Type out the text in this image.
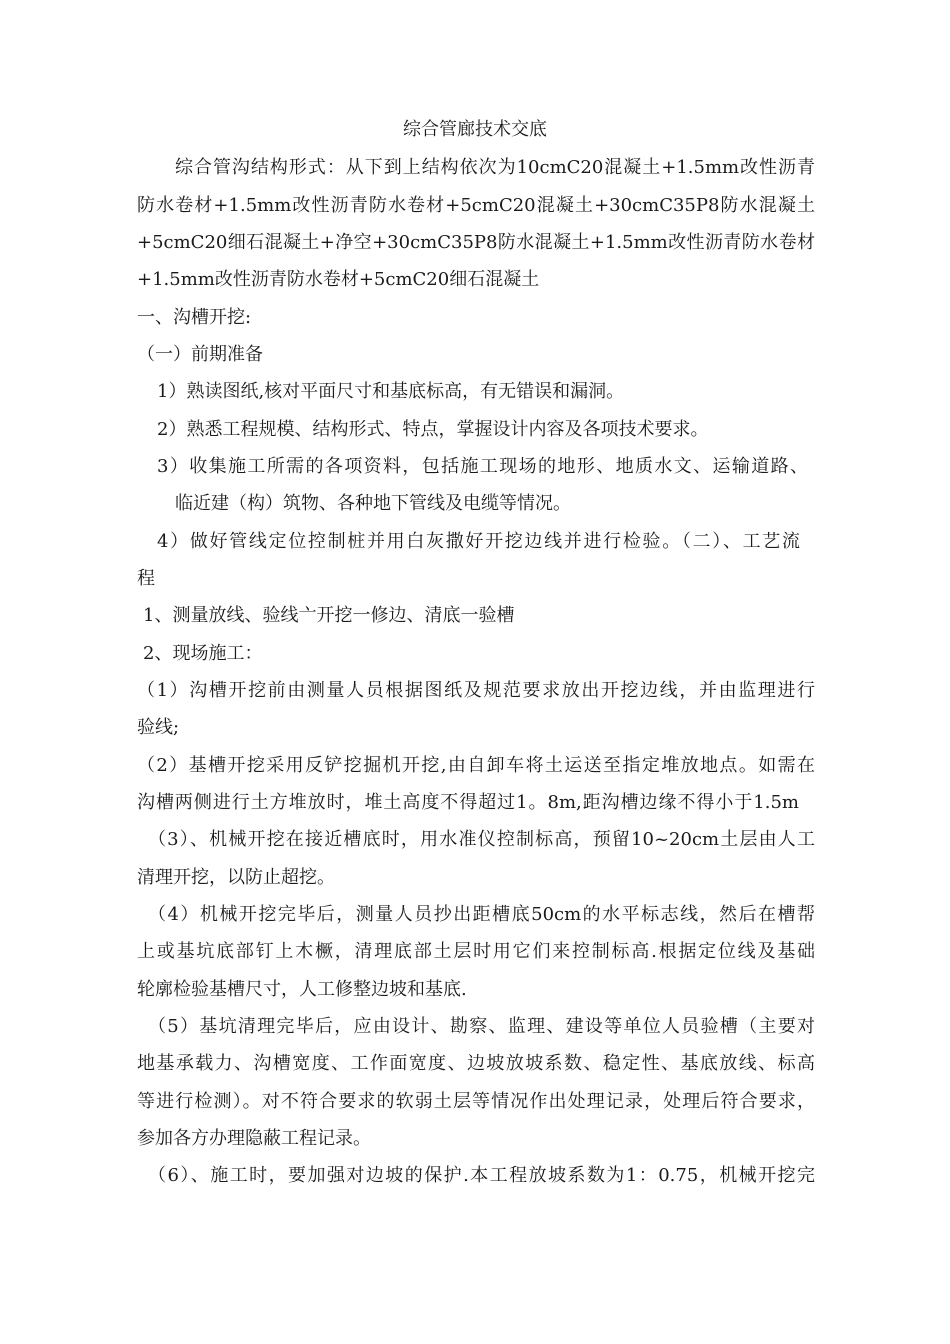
综合管廊技术交底
综合管沟结构形式：从下到上结构依次为10cmC20混凝土+1.5mm改性沥青
防水卷材+1.5mm改性沥青防水卷材+5cmC20混凝土+30cmC35P8防水混凝土
+5cmC20细石混凝土+净空+30cmC35P8防水混凝土+1.5mm改性沥青防水卷材
+1.5mm改性沥青防水卷材+5cmC20细石混凝土
一、沟槽开挖:
（一）前期准备
1）熟读图纸,核对平面尺寸和基底标高，有无错误和漏洞。
2）熟悉工程规模、结构形式、特点，掌握设计内容及各项技术要求。
3）收集施工所需的各项资料，包括施工现场的地形、地质水文、运输道路、
临近建（构）筑物、各种地下管线及电缆等情况。
4）做好管线定位控制桩并用白灰撒好开挖边线并进行检验。（二）、工艺流
程
1、测量放线、验线亠开挖一修边、清底一验槽
2、现场施工：
（1）沟槽开挖前由测量人员根据图纸及规范要求放出开挖边线，并由监理进行
验线;
（2）基槽开挖采用反铲挖掘机开挖,由自卸车将土运送至指定堆放地点。如需在
沟槽两侧进行土方堆放时，堆土高度不得超过1。8m,距沟槽边缘不得小于1.5m
（3）、机械开挖在接近槽底时，用水准仪控制标高，预留10~20cm土层由人工
清理开挖，以防止超挖。
（4）机械开挖完毕后，测量人员抄出距槽底50cm的水平标志线，然后在槽帮
上或基坑底部钉上木橛，清理底部土层时用它们来控制标高.根据定位线及基础
轮廓检验基槽尺寸，人工修整边坡和基底.
（5）基坑清理完毕后，应由设计、勘察、监理、建设等单位人员验槽（主要对
地基承载力、沟槽宽度、工作面宽度、边坡放坡系数、稳定性、基底放线、标高
等进行检测）。对不符合要求的软弱土层等情况作出处理记录，处理后符合要求，
参加各方办理隐蔽工程记录。
（6）、施工时，要加强对边坡的保护.本工程放坡系数为1：0.75，机械开挖完
